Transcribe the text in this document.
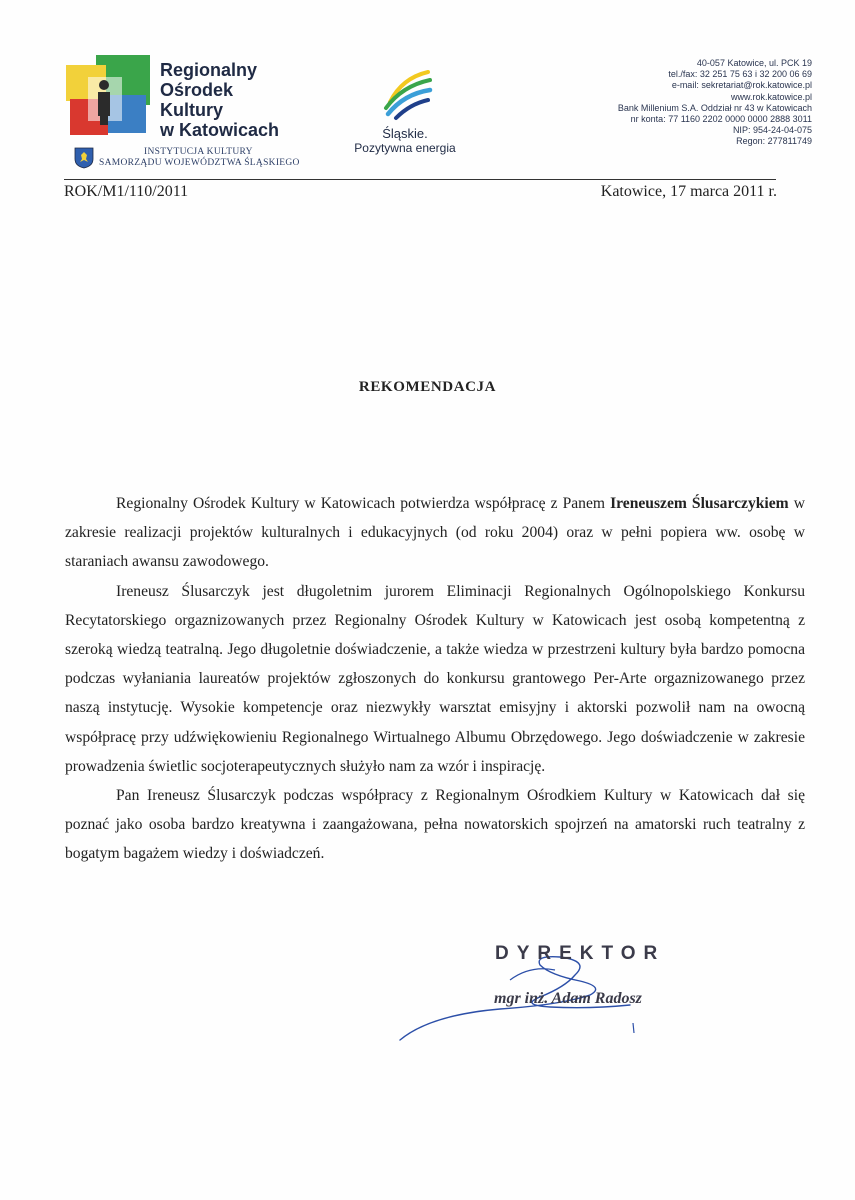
Regionalny
Ośrodek
Kultury
w Katowicach
INSTYTUCJA KULTURY
SAMORZĄDU WOJEWÓDZTWA ŚLĄSKIEGO
Śląskie.
Pozytywna energia
40-057 Katowice, ul. PCK 19
tel./fax: 32 251 75 63 i 32 200 06 69
e-mail: sekretariat@rok.katowice.pl
www.rok.katowice.pl
Bank Millenium S.A. Oddział nr 43 w Katowicach
nr konta: 77 1160 2202 0000 0000 2888 3011
NIP: 954-24-04-075
Regon: 277811749
ROK/M1/110/2011	Katowice, 17 marca 2011 r.
REKOMENDACJA

Regionalny Ośrodek Kultury w Katowicach potwierdza współpracę z Panem Ireneuszem Ślusarczykiem w zakresie realizacji projektów kulturalnych i edukacyjnych (od roku 2004) oraz w pełni popiera ww. osobę w staraniach awansu zawodowego.

Ireneusz Ślusarczyk jest długoletnim jurorem Eliminacji Regionalnych Ogólnopolskiego Konkursu Recytatorskiego orgaznizowanych przez Regionalny Ośrodek Kultury w Katowicach jest osobą kompetentną z szeroką wiedzą teatralną. Jego długoletnie doświadczenie, a także wiedza w przestrzeni kultury była bardzo pomocna podczas wyłaniania laureatów projektów zgłoszonych do konkursu grantowego Per-Arte orgaznizowanego przez naszą instytucję. Wysokie kompetencje oraz niezwykły warsztat emisyjny i aktorski pozwolił nam na owocną współpracę przy udźwiękowieniu Regionalnego Wirtualnego Albumu Obrzędowego. Jego doświadczenie w zakresie prowadzenia świetlic socjoterapeutycznych służyło nam za wzór i inspirację.

Pan Ireneusz Ślusarczyk podczas współpracy z Regionalnym Ośrodkiem Kultury w Katowicach dał się poznać jako osoba bardzo kreatywna i zaangażowana, pełna nowatorskich spojrzeń na amatorski ruch teatralny z bogatym bagażem wiedzy i doświadczeń.

DYREKTOR
mgr inż. Adam Radosz
